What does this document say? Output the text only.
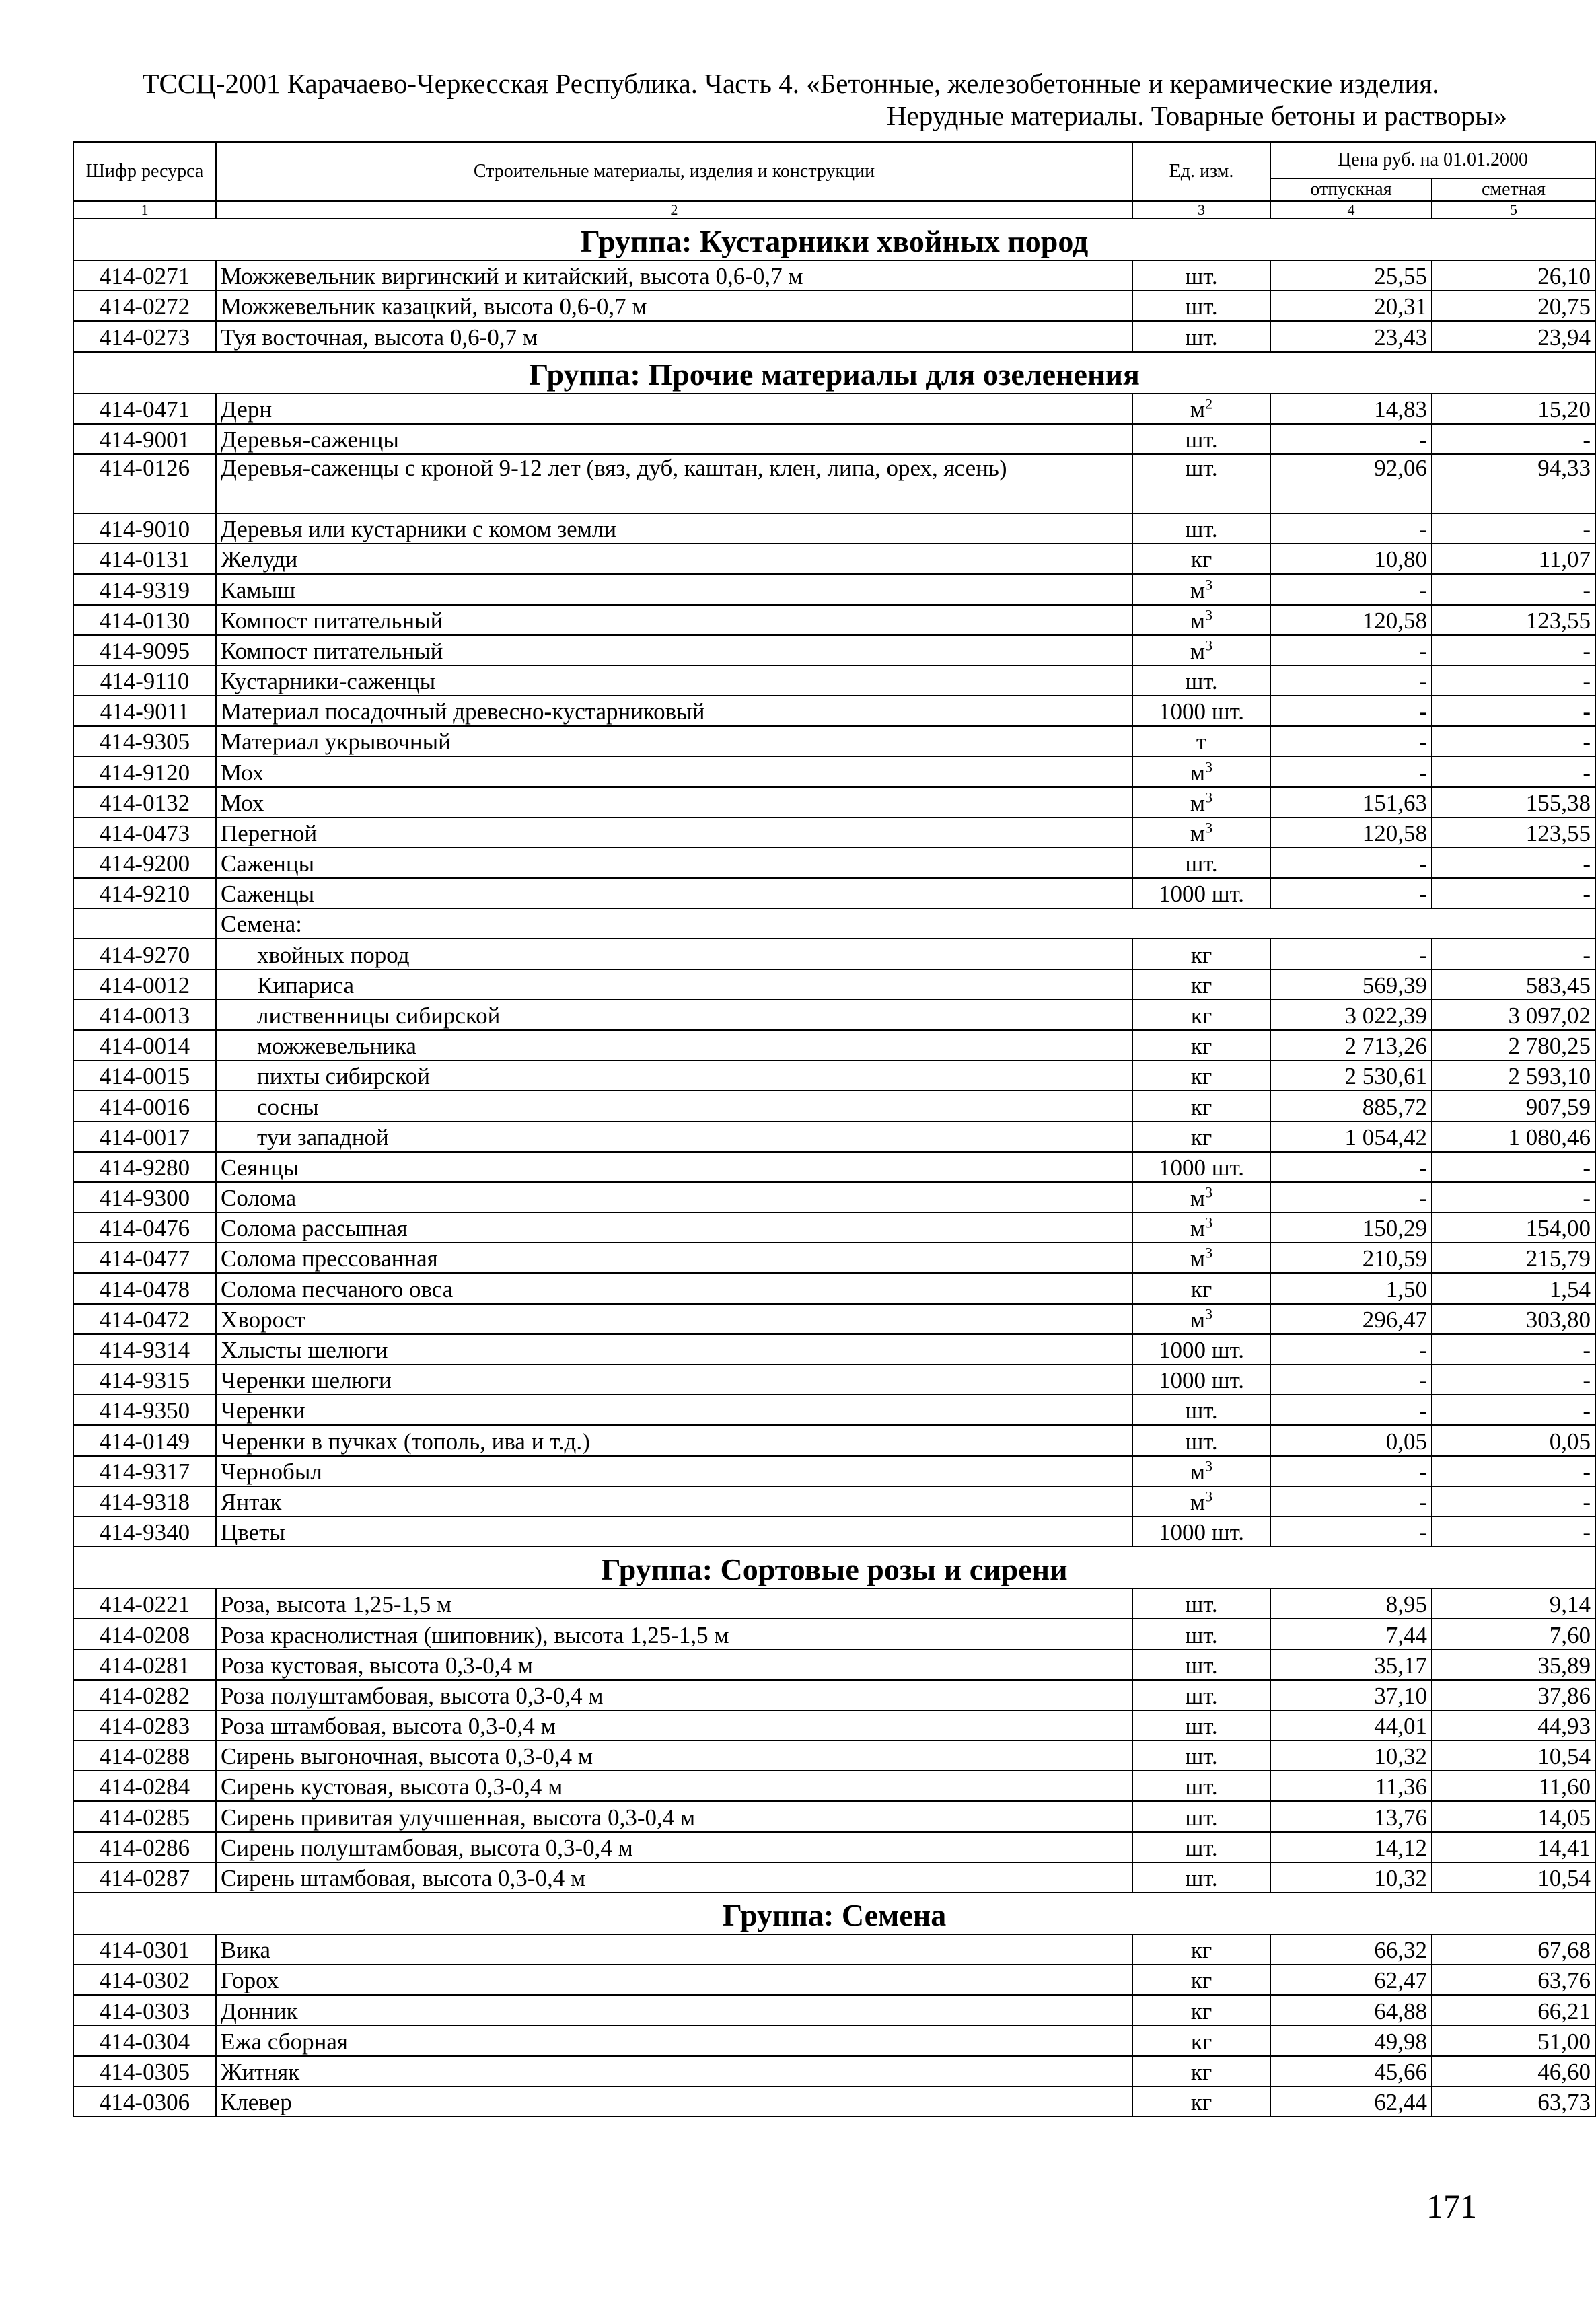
ТССЦ-2001 Карачаево-Черкесская Республика. Часть 4. «Бетонные, железобетонные и керамические изделия.
Нерудные материалы. Товарные бетоны и растворы»
Шифр ресурса	Строительные материалы, изделия и конструкции	Ед. изм.	Цена руб. на 01.01.2000	
			отпускная	сметная
1	2	3	4	5
Группа: Кустарники хвойных пород				
414-0271	Можжевельник виргинский и китайский, высота 0,6-0,7 м	шт.	25,55	26,10
414-0272	Можжевельник казацкий, высота 0,6-0,7 м	шт.	20,31	20,75
414-0273	Туя восточная, высота 0,6-0,7 м	шт.	23,43	23,94
Группа: Прочие материалы для озеленения				
414-0471	Дерн	$м^2$	14,83	15,20
414-9001	Деревья-саженцы	шт.	-	-
414-0126	Деревья-саженцы с кроной 9-12 лет (вяз, дуб, каштан, клен, липа, орех, ясень)	шт.	92,06	94,33
414-9010	Деревья или кустарники с комом земли	шт.	-	-
414-0131	Желуди	кг	10,80	11,07
414-9319	Камыш	$м^3$	-	-
414-0130	Компост питательный	$м^3$	120,58	123,55
414-9095	Компост питательный	$м^3$	-	-
414-9110	Кустарники-саженцы	шт.	-	-
414-9011	Материал посадочный древесно-кустарниковый	1000 шт.	-	-
414-9305	Материал укрывочный	т	-	-
414-9120	Мох	$м^3$	-	-
414-0132	Мох	$м^3$	151,63	155,38
414-0473	Перегной	$м^3$	120,58	123,55
414-9200	Саженцы	шт.	-	-
414-9210	Саженцы	1000 шт.	-	-
	Семена:			
414-9270	хвойных пород	кг	-	-
414-0012	Кипариса	кг	569,39	583,45
414-0013	лиственницы сибирской	кг	3 022,39	3 097,02
414-0014	можжевельника	кг	2 713,26	2 780,25
414-0015	пихты сибирской	кг	2 530,61	2 593,10
414-0016	сосны	кг	885,72	907,59
414-0017	туи западной	кг	1 054,42	1 080,46
414-9280	Сеянцы	1000 шт.	-	-
414-9300	Солома	$м^3$	-	-
414-0476	Солома рассыпная	$м^3$	150,29	154,00
414-0477	Солома прессованная	$м^3$	210,59	215,79
414-0478	Солома песчаного овса	кг	1,50	1,54
414-0472	Хворост	$м^3$	296,47	303,80
414-9314	Хлысты шелюги	1000 шт.	-	-
414-9315	Черенки шелюги	1000 шт.	-	-
414-9350	Черенки	шт.	-	-
414-0149	Черенки в пучках (тополь, ива и т.д.)	шт.	0,05	0,05
414-9317	Чернобыл	$м^3$	-	-
414-9318	Янтак	$м^3$	-	-
414-9340	Цветы	1000 шт.	-	-
Группа: Сортовые розы и сирени				
414-0221	Роза, высота 1,25-1,5 м	шт.	8,95	9,14
414-0208	Роза краснолистная (шиповник), высота 1,25-1,5 м	шт.	7,44	7,60
414-0281	Роза кустовая, высота 0,3-0,4 м	шт.	35,17	35,89
414-0282	Роза полуштамбовая, высота 0,3-0,4 м	шт.	37,10	37,86
414-0283	Роза штамбовая, высота 0,3-0,4 м	шт.	44,01	44,93
414-0288	Сирень выгоночная, высота 0,3-0,4 м	шт.	10,32	10,54
414-0284	Сирень кустовая, высота 0,3-0,4 м	шт.	11,36	11,60
414-0285	Сирень привитая улучшенная, высота 0,3-0,4 м	шт.	13,76	14,05
414-0286	Сирень полуштамбовая, высота 0,3-0,4 м	шт.	14,12	14,41
414-0287	Сирень штамбовая, высота 0,3-0,4 м	шт.	10,32	10,54
Группа: Семена				
414-0301	Вика	кг	66,32	67,68
414-0302	Горох	кг	62,47	63,76
414-0303	Донник	кг	64,88	66,21
414-0304	Ежа сборная	кг	49,98	51,00
414-0305	Житняк	кг	45,66	46,60
414-0306	Клевер	кг	62,44	63,73
171
